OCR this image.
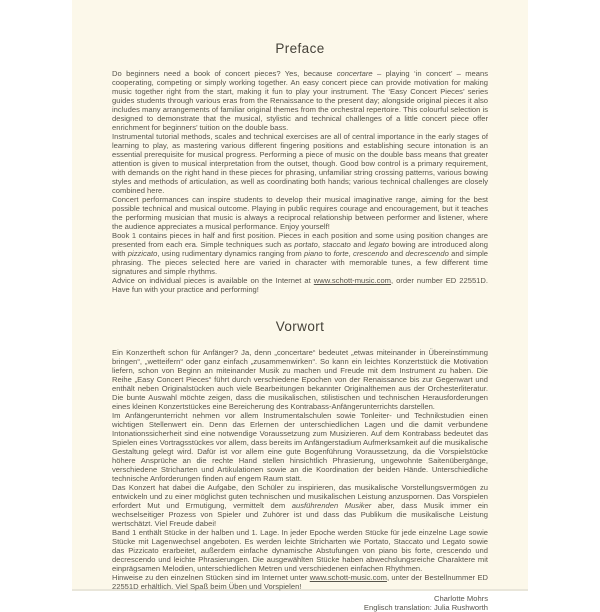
Preface

Do beginners need a book of concert pieces? Yes, because concertare – playing ‘in concert’ – means cooperating, competing or simply working together. An easy concert piece can provide motivation for making music together right from the start, making it fun to play your instrument. The ‘Easy Concert Pieces’ series guides students through various eras from the Renaissance to the present day; alongside original pieces it also includes many arrangements of familiar original themes from the orchestral repertoire. This colourful selection is designed to demonstrate that the musical, stylistic and technical challenges of a little concert piece offer enrichment for beginners’ tuition on the double bass.

Instrumental tutorial methods, scales and technical exercises are all of central importance in the early stages of learning to play, as mastering various different fingering positions and establishing secure intonation is an essential prerequisite for musical progress. Performing a piece of music on the double bass means that greater attention is given to musical interpretation from the outset, though. Good bow control is a primary requirement, with demands on the right hand in these pieces for phrasing, unfamiliar string crossing patterns, various bowing styles and methods of articulation, as well as coordinating both hands; various technical challenges are closely combined here.

Concert performances can inspire students to develop their musical imaginative range, aiming for the best possible technical and musical outcome. Playing in public requires courage and encouragement, but it teaches the performing musician that music is always a reciprocal relationship between performer and listener, where the audience appreciates a musical performance. Enjoy yourself!

Book 1 contains pieces in half and first position. Pieces in each position and some using position changes are presented from each era. Simple techniques such as portato, staccato and legato bowing are introduced along with pizzicato, using rudimentary dynamics ranging from piano to forte, crescendo and decrescendo and simple phrasing. The pieces selected here are varied in character with memorable tunes, a few different time signatures and simple rhythms.

Advice on individual pieces is available on the Internet at www.schott-music.com, order number ED 22551D. Have fun with your practice and performing!

Vorwort

Ein Konzertheft schon für Anfänger? Ja, denn „concertare“ bedeutet „etwas miteinander in Übereinstimmung bringen“, „wetteifern“ oder ganz einfach „zusammenwirken“. So kann ein leichtes Konzertstück die Motivation liefern, schon von Beginn an miteinander Musik zu machen und Freude mit dem Instrument zu haben. Die Reihe „Easy Concert Pieces“ führt durch verschiedene Epochen von der Renaissance bis zur Gegenwart und enthält neben Originalstücken auch viele Bearbeitungen bekannter Originalthemen aus der Orchesterliteratur. Die bunte Auswahl möchte zeigen, dass die musikalischen, stilistischen und technischen Herausforderungen eines kleinen Konzertstückes eine Bereicherung des Kontrabass-Anfängerunterrichts darstellen.

Im Anfängerunterricht nehmen vor allem Instrumentalschulen sowie Tonleiter- und Technikstudien einen wichtigen Stellenwert ein. Denn das Erlernen der unterschiedlichen Lagen und die damit verbundene Intonationssicherheit sind eine notwendige Voraussetzung zum Musizieren. Auf dem Kontrabass bedeutet das Spielen eines Vortragsstückes vor allem, dass bereits im Anfängerstadium Aufmerksamkeit auf die musikalische Gestaltung gelegt wird. Dafür ist vor allem eine gute Bogenführung Voraussetzung, da die Vorspielstücke höhere Ansprüche an die rechte Hand stellen hinsichtlich Phrasierung, ungewohnte Saitenübergänge, verschiedene Stricharten und Artikulationen sowie an die Koordination der beiden Hände. Unterschiedliche technische Anforderungen finden auf engem Raum statt.

Das Konzert hat dabei die Aufgabe, den Schüler zu inspirieren, das musikalische Vorstellungsvermögen zu entwickeln und zu einer möglichst guten technischen und musikalischen Leistung anzuspornen. Das Vorspielen erfordert Mut und Ermutigung, vermittelt dem ausführenden Musiker aber, dass Musik immer ein wechselseitiger Prozess von Spieler und Zuhörer ist und dass das Publikum die musikalische Leistung wertschätzt. Viel Freude dabei!

Band 1 enthält Stücke in der halben und 1. Lage. In jeder Epoche werden Stücke für jede einzelne Lage sowie Stücke mit Lagenwechsel angeboten. Es werden leichte Stricharten wie Portato, Staccato und Legato sowie das Pizzicato erarbeitet, außerdem einfache dynamische Abstufungen von piano bis forte, crescendo und decrescendo und leichte Phrasierungen. Die ausgewählten Stücke haben abwechslungsreiche Charaktere mit einprägsamen Melodien, unterschiedlichen Metren und verschiedenen einfachen Rhythmen.

Hinweise zu den einzelnen Stücken sind im Internet unter www.schott-music.com, unter der Bestellnummer ED 22551D erhältlich. Viel Spaß beim Üben und Vorspielen!

Charlotte Mohrs
Englisch translation: Julia Rushworth
